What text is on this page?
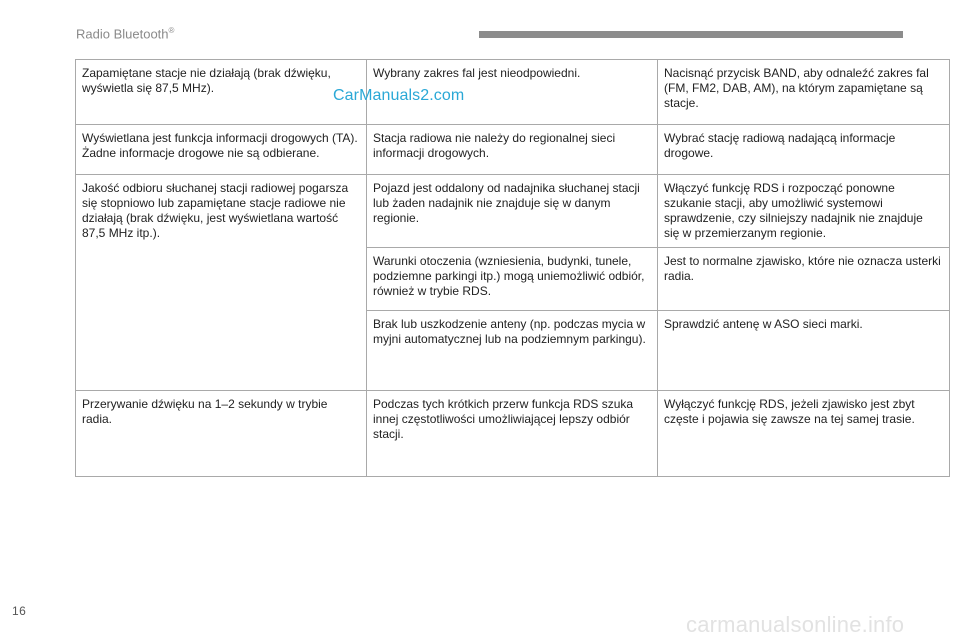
Radio Bluetooth®
Zapamiętane stacje nie działają (brak dźwięku, wyświetla się 87,5 MHz).	Wybrany zakres fal jest nieodpowiedni.	Nacisnąć przycisk BAND, aby odnaleźć zakres fal (FM, FM2, DAB, AM), na którym zapamiętane są stacje.
Wyświetlana jest funkcja informacji drogowych (TA). Żadne informacje drogowe nie są odbierane.	Stacja radiowa nie należy do regionalnej sieci informacji drogowych.	Wybrać stację radiową nadającą informacje drogowe.
Jakość odbioru słuchanej stacji radiowej pogarsza się stopniowo lub zapamiętane stacje radiowe nie działają (brak dźwięku, jest wyświetlana wartość 87,5 MHz itp.).	Pojazd jest oddalony od nadajnika słuchanej stacji lub żaden nadajnik nie znajduje się w danym regionie.	Włączyć funkcję RDS i rozpocząć ponowne szukanie stacji, aby umożliwić systemowi sprawdzenie, czy silniejszy nadajnik nie znajduje się w przemierzanym regionie.
	Warunki otoczenia (wzniesienia, budynki, tunele, podziemne parkingi itp.) mogą uniemożliwić odbiór, również w trybie RDS.	Jest to normalne zjawisko, które nie oznacza usterki radia.
	Brak lub uszkodzenie anteny (np. podczas mycia w myjni automatycznej lub na podziemnym parkingu).	Sprawdzić antenę w ASO sieci marki.
Przerywanie dźwięku na 1–2 sekundy w trybie radia.	Podczas tych krótkich przerw funkcja RDS szuka innej częstotliwości umożliwiającej lepszy odbiór stacji.	Wyłączyć funkcję RDS, jeżeli zjawisko jest zbyt częste i pojawia się zawsze na tej samej trasie.
CarManuals2.com
16
carmanualsonline.info
